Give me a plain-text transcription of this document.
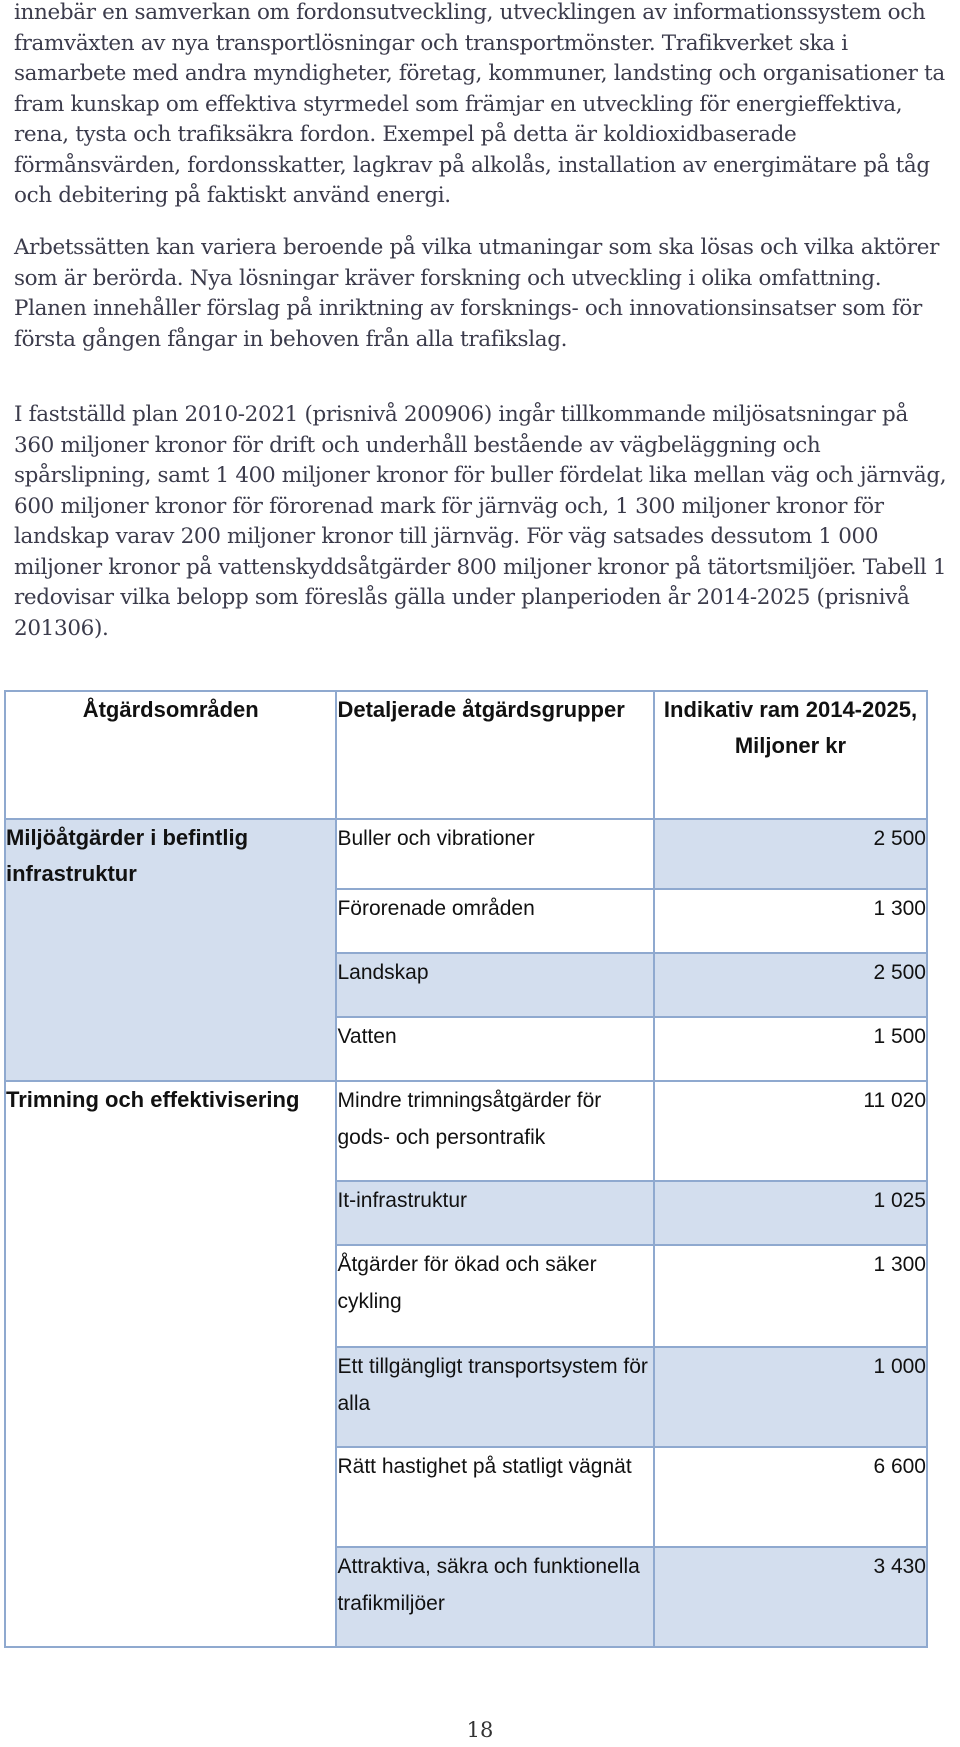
innebär en samverkan om fordonsutveckling, utvecklingen av informationssystem och framväxten av nya transportlösningar och transportmönster. Trafikverket ska i samarbete med andra myndigheter, företag, kommuner, landsting och organisationer ta fram kunskap om effektiva styrmedel som främjar en utveckling för energieffektiva, rena, tysta och trafiksäkra fordon. Exempel på detta är koldioxidbaserade förmånsvärden, fordonsskatter, lagkrav på alkolås, installation av energimätare på tåg och debitering på faktiskt använd energi.

Arbetssätten kan variera beroende på vilka utmaningar som ska lösas och vilka aktörer som är berörda. Nya lösningar kräver forskning och utveckling i olika omfattning. Planen innehåller förslag på inriktning av forsknings- och innovationsinsatser som för första gången fångar in behoven från alla trafikslag.

I fastställd plan 2010-2021 (prisnivå 200906) ingår tillkommande miljösatsningar på 360 miljoner kronor för drift och underhåll bestående av vägbeläggning och spårslipning, samt 1 400 miljoner kronor för buller fördelat lika mellan väg och järnväg, 600 miljoner kronor för förorenad mark för järnväg och, 1 300 miljoner kronor för landskap varav 200 miljoner kronor till järnväg. För väg satsades dessutom 1 000 miljoner kronor på vattenskyddsåtgärder 800 miljoner kronor på tätortsmiljöer. Tabell 1 redovisar vilka belopp som föreslås gälla under planperioden år 2014-2025 (prisnivå 201306).

Åtgärdsområden	Detaljerade åtgärdsgrupper	Indikativ ram 2014-2025, Miljoner kr
Miljöåtgärder i befintlig infrastruktur	Buller och vibrationer	2 500
	Förorenade områden	1 300
	Landskap	2 500
	Vatten	1 500
Trimning och effektivisering	Mindre trimningsåtgärder för gods- och persontrafik	11 020
	It-infrastruktur	1 025
	Åtgärder för ökad och säker cykling	1 300
	Ett tillgängligt transportsystem för alla	1 000
	Rätt hastighet på statligt vägnät	6 600
	Attraktiva, säkra och funktionella trafikmiljöer	3 430
18
